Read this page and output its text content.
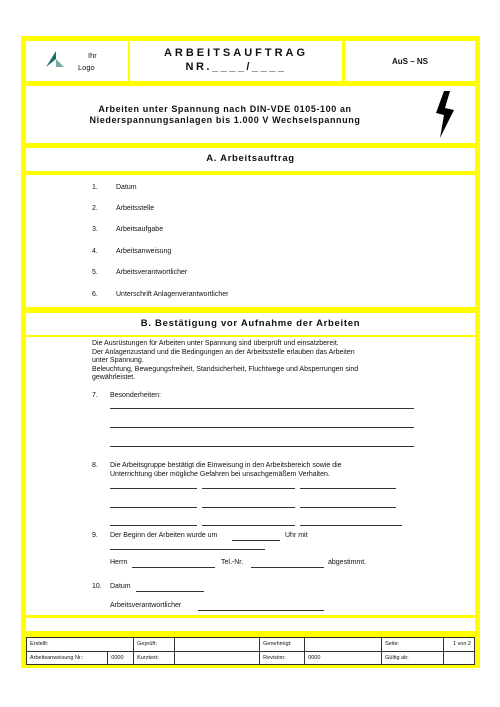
Ihr
Logo
ARBEITSAUFTRAG
NR.____/____	AuS – NS
Arbeiten unter Spannung nach DIN-VDE 0105-100 an
Niederspannungsanlagen bis 1.000 V Wechselspannung
A. Arbeitsauftrag
1.	Datum
2.	Arbeitsstelle
3.	Arbeitsaufgabe
4.	Arbeitsanweisung
5.	Arbeitsverantwortlicher
6.	Unterschrift Anlagenverantwortlicher
B. Bestätigung vor Aufnahme der Arbeiten
Die Ausrüstungen für Arbeiten unter Spannung sind überprüft und einsatzbereit.
Der Anlagenzustand und die Bedingungen an der Arbeitsstelle erlauben das Arbeiten
unter Spannung.
Beleuchtung, Bewegungsfreiheit, Standsicherheit, Fluchtwege und Absperrungen sind
gewährleistet.
7. Besonderheiten:
8. Die Arbeitsgruppe bestätigt die Einweisung in den Arbeitsbereich sowie die
Unterrichtung über mögliche Gefahren bei unsachgemäßem Verhalten.
9. Der Beginn der Arbeiten wurde um	Uhr mit
Herrn	Tel.-Nr.	abgestimmt.
10. Datum
Arbeitsverantwortlicher
Erstellt:		Geprüft:		Genehmigt:		Seite:	1 von 2
Arbeitsanweisung Nr.:	0000	Kurztext:		Revision:	0000	Gültig ab:	
